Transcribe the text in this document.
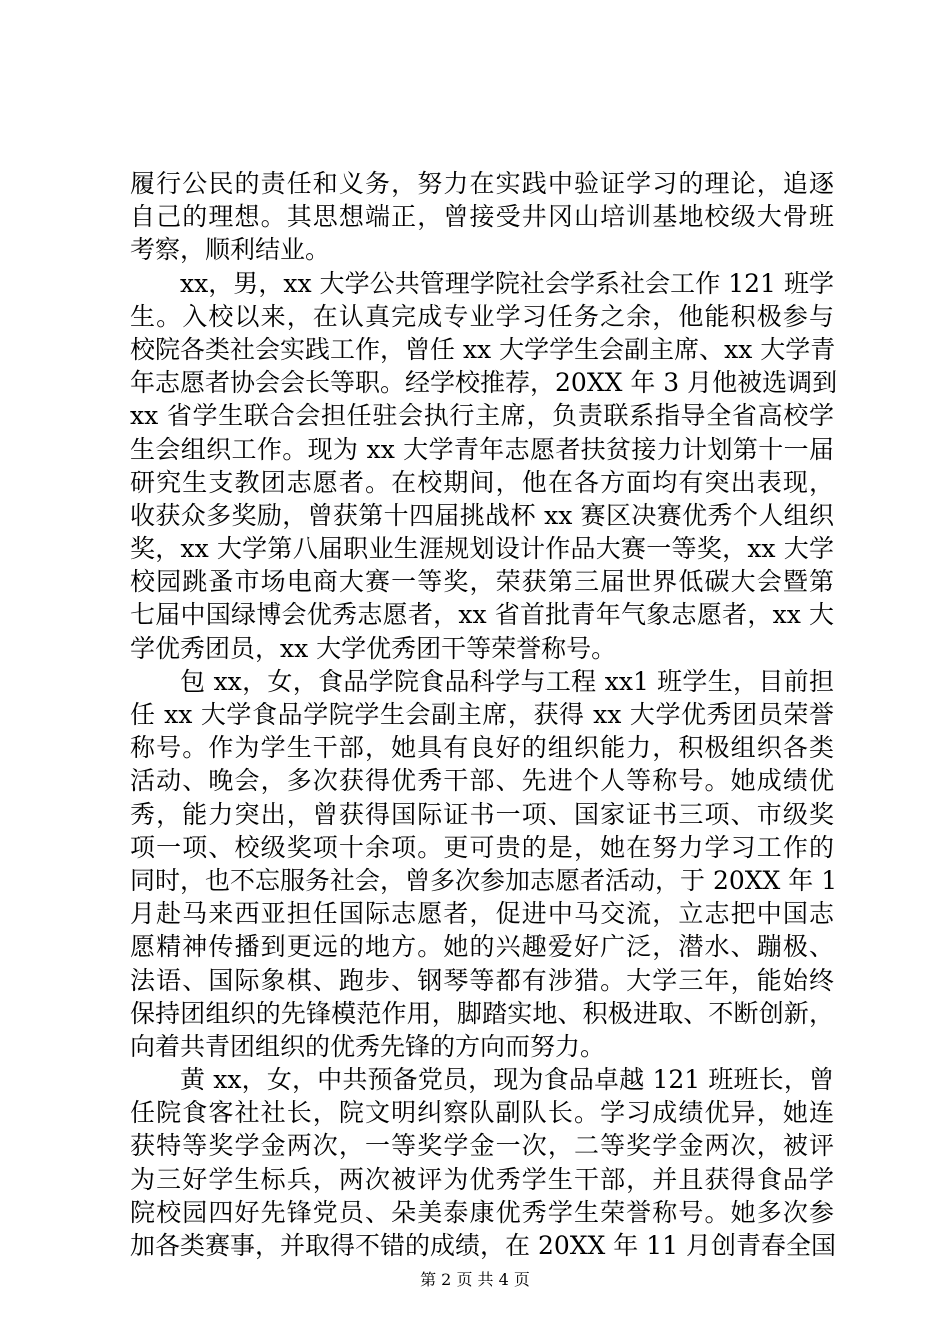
履行公民的责任和义务，努力在实践中验证学习的理论，追逐
自己的理想。其思想端正，曾接受井冈山培训基地校级大骨班
考察，顺利结业。
xx，男，xx 大学公共管理学院社会学系社会工作 121 班学
生。入校以来，在认真完成专业学习任务之余，他能积极参与
校院各类社会实践工作，曾任 xx 大学学生会副主席、xx 大学青
年志愿者协会会长等职。经学校推荐，20XX 年 3 月他被选调到
xx 省学生联合会担任驻会执行主席，负责联系指导全省高校学
生会组织工作。现为 xx 大学青年志愿者扶贫接力计划第十一届
研究生支教团志愿者。在校期间，他在各方面均有突出表现，
收获众多奖励，曾获第十四届挑战杯 xx 赛区决赛优秀个人组织
奖，xx 大学第八届职业生涯规划设计作品大赛一等奖，xx 大学
校园跳蚤市场电商大赛一等奖，荣获第三届世界低碳大会暨第
七届中国绿博会优秀志愿者，xx 省首批青年气象志愿者，xx 大
学优秀团员，xx 大学优秀团干等荣誉称号。
包 xx，女，食品学院食品科学与工程 xx1 班学生，目前担
任 xx 大学食品学院学生会副主席，获得 xx 大学优秀团员荣誉
称号。作为学生干部，她具有良好的组织能力，积极组织各类
活动、晚会，多次获得优秀干部、先进个人等称号。她成绩优
秀，能力突出，曾获得国际证书一项、国家证书三项、市级奖
项一项、校级奖项十余项。更可贵的是，她在努力学习工作的
同时，也不忘服务社会，曾多次参加志愿者活动，于 20XX 年 1
月赴马来西亚担任国际志愿者，促进中马交流，立志把中国志
愿精神传播到更远的地方。她的兴趣爱好广泛，潜水、蹦极、
法语、国际象棋、跑步、钢琴等都有涉猎。大学三年，能始终
保持团组织的先锋模范作用，脚踏实地、积极进取、不断创新，
向着共青团组织的优秀先锋的方向而努力。
黄 xx，女，中共预备党员，现为食品卓越 121 班班长，曾
任院食客社社长，院文明纠察队副队长。学习成绩优异，她连
获特等奖学金两次，一等奖学金一次，二等奖学金两次，被评
为三好学生标兵，两次被评为优秀学生干部，并且获得食品学
院校园四好先锋党员、朵美泰康优秀学生荣誉称号。她多次参
加各类赛事，并取得不错的成绩，在 20XX 年 11 月创青春全国
第 2 页 共 4 页
